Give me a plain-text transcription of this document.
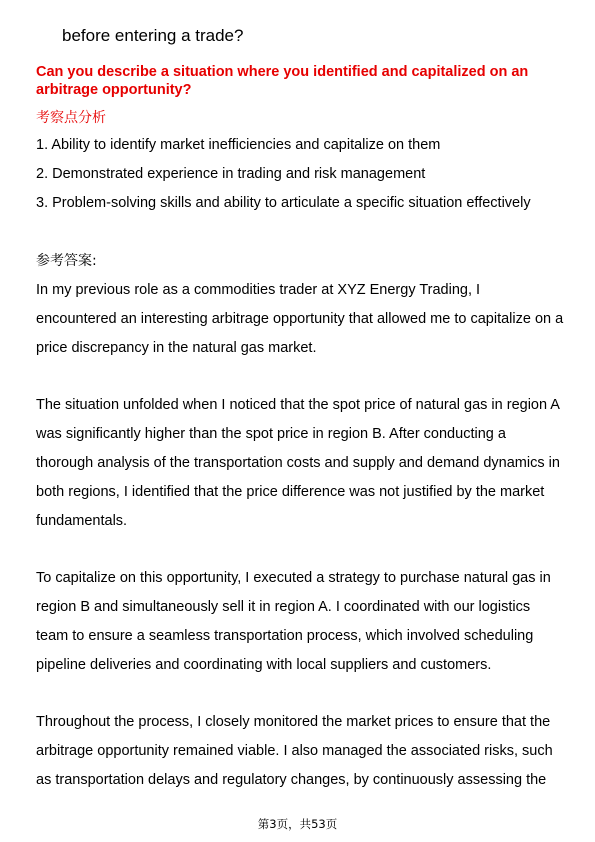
before entering a trade?
Can you describe a situation where you identified and capitalized on an
arbitrage opportunity?
考察点分析
1. Ability to identify market inefficiencies and capitalize on them
2. Demonstrated experience in trading and risk management
3. Problem-solving skills and ability to articulate a specific situation effectively
参考答案:
In my previous role as a commodities trader at XYZ Energy Trading, I
encountered an interesting arbitrage opportunity that allowed me to capitalize on a
price discrepancy in the natural gas market.
The situation unfolded when I noticed that the spot price of natural gas in region A
was significantly higher than the spot price in region B. After conducting a
thorough analysis of the transportation costs and supply and demand dynamics in
both regions, I identified that the price difference was not justified by the market
fundamentals.
To capitalize on this opportunity, I executed a strategy to purchase natural gas in
region B and simultaneously sell it in region A. I coordinated with our logistics
team to ensure a seamless transportation process, which involved scheduling
pipeline deliveries and coordinating with local suppliers and customers.
Throughout the process, I closely monitored the market prices to ensure that the
arbitrage opportunity remained viable. I also managed the associated risks, such
as transportation delays and regulatory changes, by continuously assessing the
第3页，共53页
